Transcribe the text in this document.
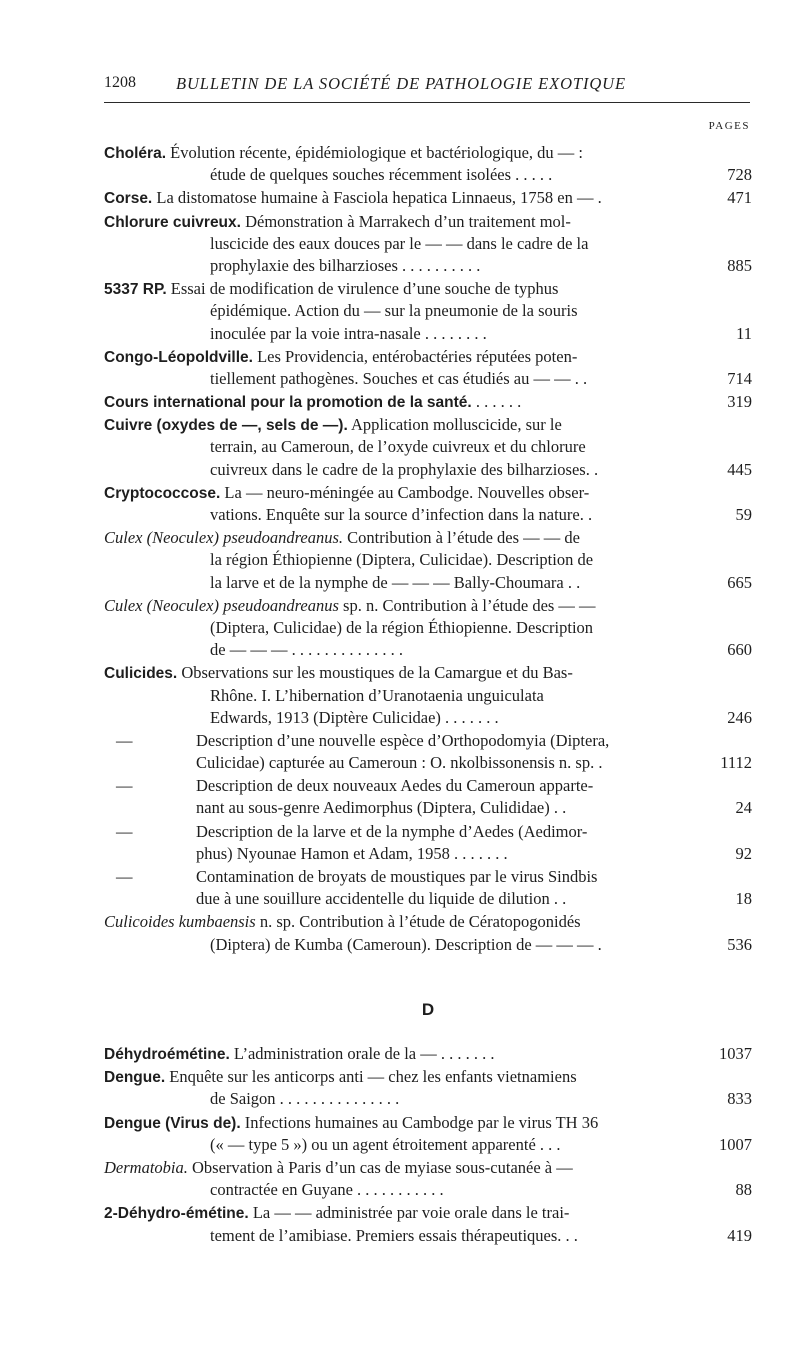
1208 BULLETIN DE LA SOCIÉTÉ DE PATHOLOGIE EXOTIQUE
PAGES
Choléra. Évolution récente, épidémiologique et bactériologique, du — :
étude de quelques souches récemment isolées . . . . .	728
Corse. La distomatose humaine à Fasciola hepatica Linnaeus, 1758 en — .	471
Chlorure cuivreux. Démonstration à Marrakech d’un traitement mol-
luscicide des eaux douces par le — — dans le cadre de la
prophylaxie des bilharzioses . . . . . . . . . .	885
5337 RP. Essai de modification de virulence d’une souche de typhus
épidémique. Action du — sur la pneumonie de la souris
inoculée par la voie intra-nasale . . . . . . . .	11
Congo-Léopoldville. Les Providencia, entérobactéries réputées poten-
tiellement pathogènes. Souches et cas étudiés au — — . .	714
Cours international pour la promotion de la santé. . . . . . .	319
Cuivre (oxydes de —, sels de —). Application molluscicide, sur le
terrain, au Cameroun, de l’oxyde cuivreux et du chlorure
cuivreux dans le cadre de la prophylaxie des bilharzioses. .	445
Cryptococcose. La — neuro-méningée au Cambodge. Nouvelles obser-
vations. Enquête sur la source d’infection dans la nature. .	59
Culex (Neoculex) pseudoandreanus. Contribution à l’étude des — — de
la région Éthiopienne (Diptera, Culicidae). Description de
la larve et de la nymphe de — — — Bally-Choumara . .	665
Culex (Neoculex) pseudoandreanus sp. n. Contribution à l’étude des — —
(Diptera, Culicidae) de la région Éthiopienne. Description
de — — — . . . . . . . . . . . . . .	660
Culicides. Observations sur les moustiques de la Camargue et du Bas-
Rhône. I. L’hibernation d’Uranotaenia unguiculata
Edwards, 1913 (Diptère Culicidae) . . . . . . .	246
—	Description d’une nouvelle espèce d’Orthopodomyia (Diptera,
Culicidae) capturée au Cameroun : O. nkolbissonensis n. sp. .	1112
—	Description de deux nouveaux Aedes du Cameroun apparte-
nant au sous-genre Aedimorphus (Diptera, Culididae) . .	24
—	Description de la larve et de la nymphe d’Aedes (Aedimor-
phus) Nyounae Hamon et Adam, 1958 . . . . . . .	92
—	Contamination de broyats de moustiques par le virus Sindbis
due à une souillure accidentelle du liquide de dilution . .	18
Culicoides kumbaensis n. sp. Contribution à l’étude de Cératopogonidés
(Diptera) de Kumba (Cameroun). Description de — — — .	536
Déhydroémétine. L’administration orale de la — . . . . . . .	1037
Dengue. Enquête sur les anticorps anti — chez les enfants vietnamiens
de Saigon . . . . . . . . . . . . . . .	833
Dengue (Virus de). Infections humaines au Cambodge par le virus TH 36
(« — type 5 ») ou un agent étroitement apparenté . . .	1007
Dermatobia. Observation à Paris d’un cas de myiase sous-cutanée à —
contractée en Guyane . . . . . . . . . . .	88
2-Déhydro-émétine. La — — administrée par voie orale dans le trai-
tement de l’amibiase. Premiers essais thérapeutiques. . .	419
D
